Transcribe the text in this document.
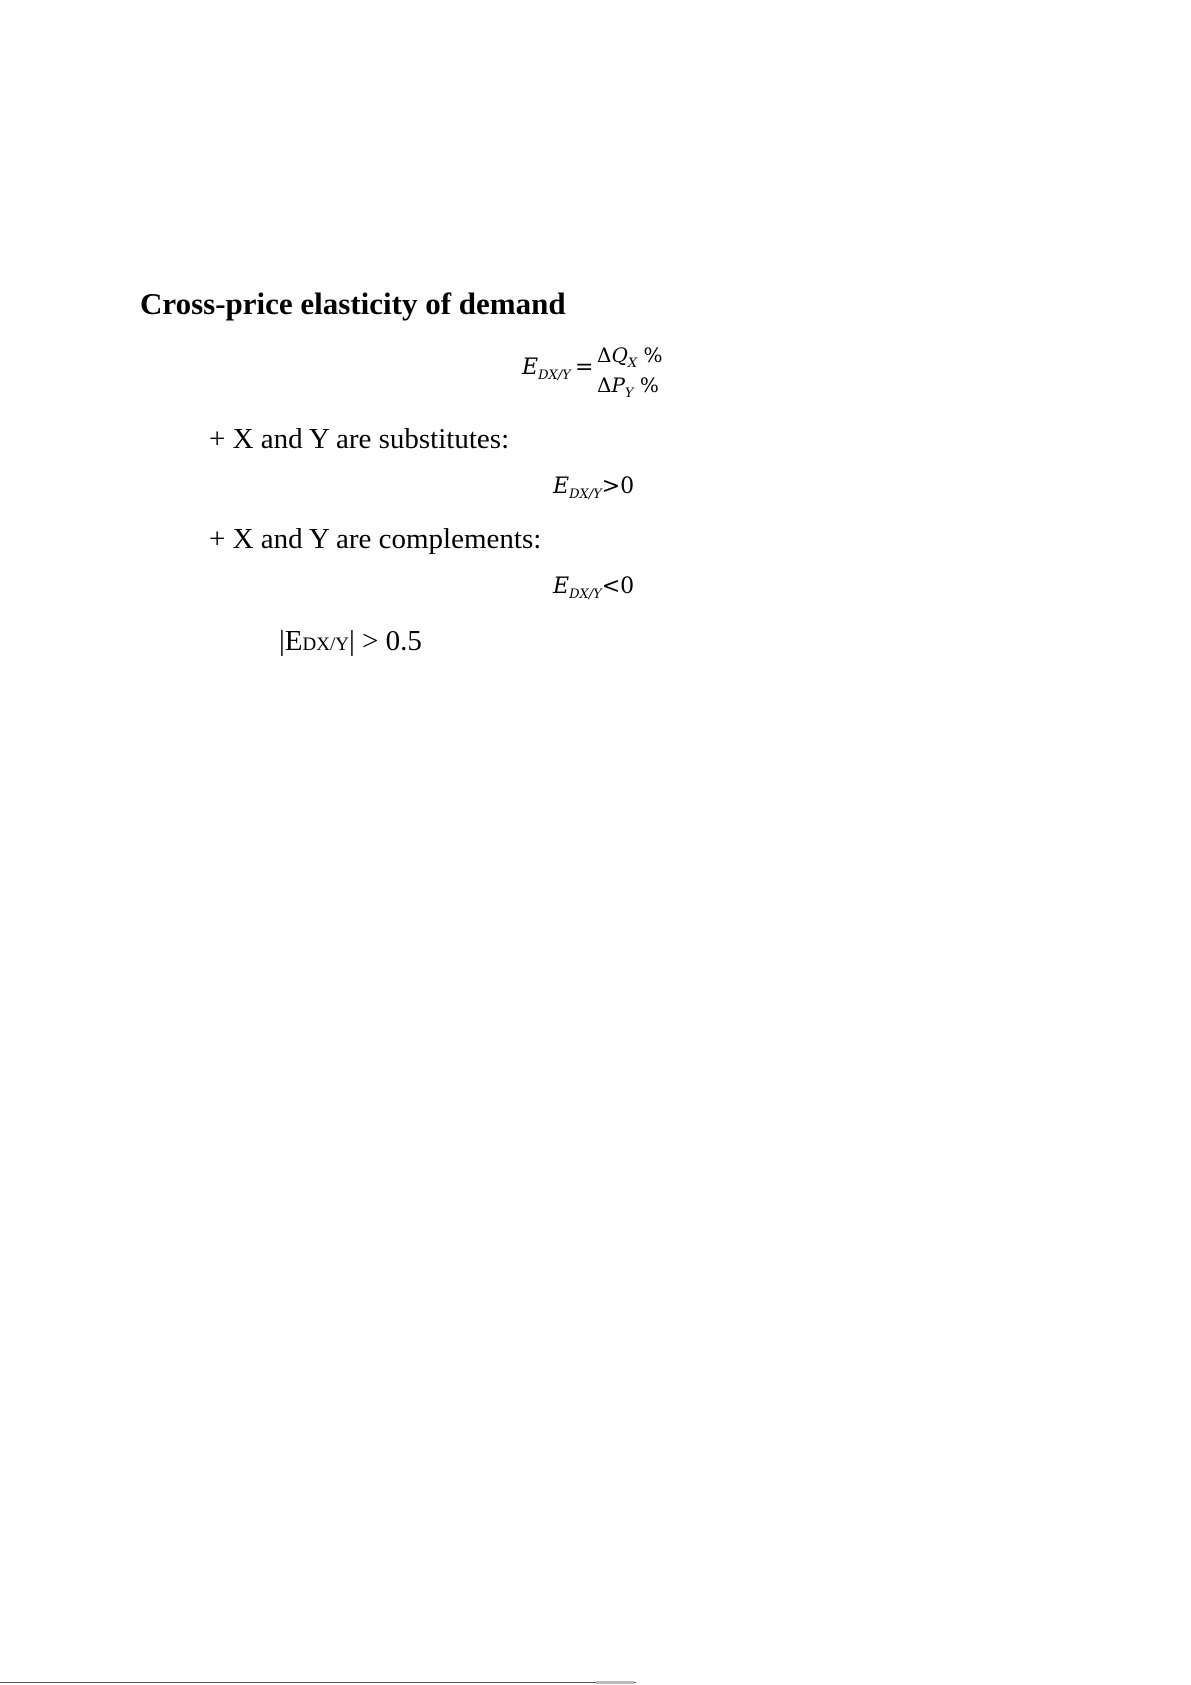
Cross-price elasticity of demand
$E_{DX/Y} = \Delta Q_X$ %
$\Delta P_Y$ %
+ X and Y are substitutes:
$E_{DX/Y}>0$
+ X and Y are complements:
$E_{DX/Y}<0$
|EDX/Y| > 0.5
